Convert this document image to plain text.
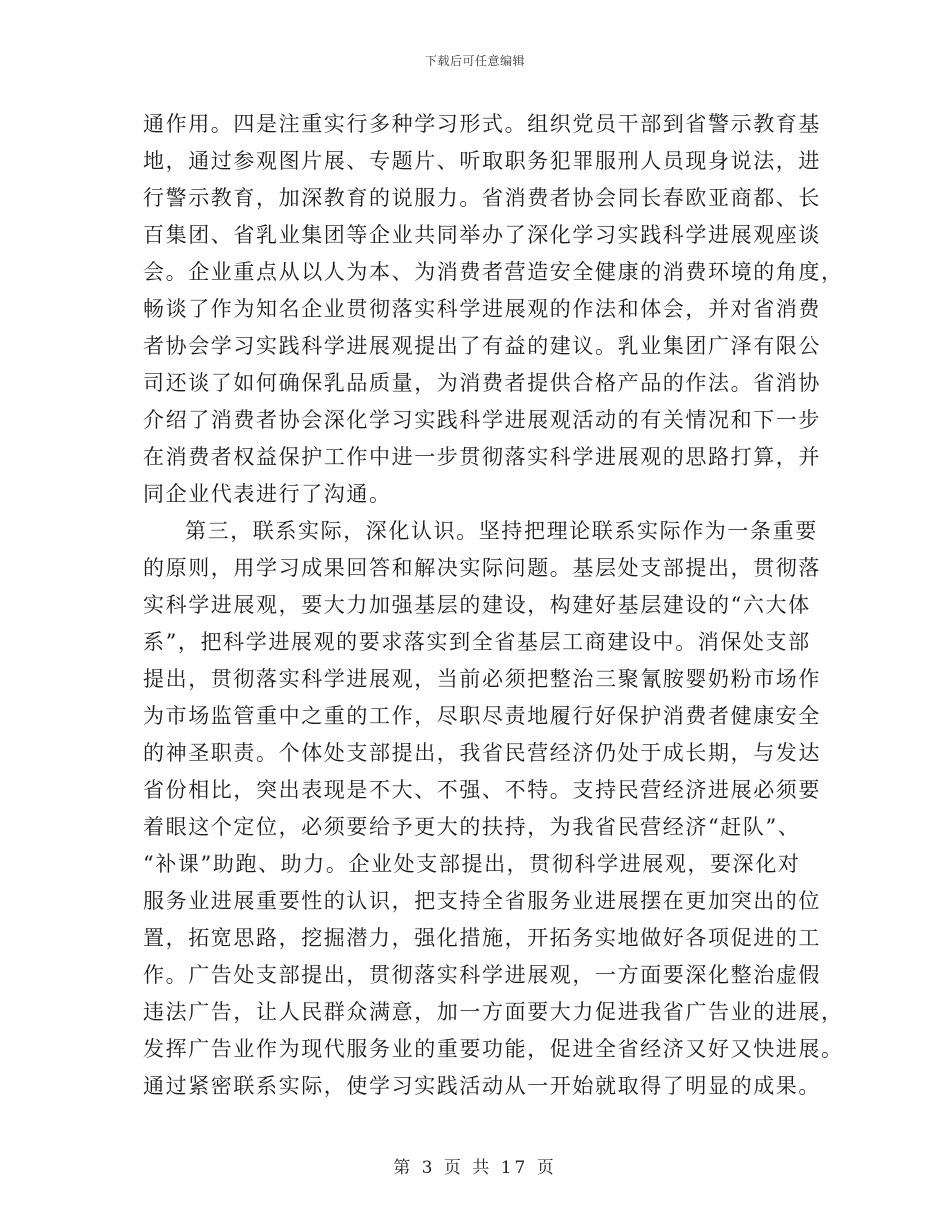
下载后可任意编辑
通作用。四是注重实行多种学习形式。组织党员干部到省警示教育基
地，通过参观图片展、专题片、听取职务犯罪服刑人员现身说法，进
行警示教育，加深教育的说服力。省消费者协会同长春欧亚商都、长
百集团、省乳业集团等企业共同举办了深化学习实践科学进展观座谈
会。企业重点从以人为本、为消费者营造安全健康的消费环境的角度，
畅谈了作为知名企业贯彻落实科学进展观的作法和体会，并对省消费
者协会学习实践科学进展观提出了有益的建议。乳业集团广泽有限公
司还谈了如何确保乳品质量，为消费者提供合格产品的作法。省消协
介绍了消费者协会深化学习实践科学进展观活动的有关情况和下一步
在消费者权益保护工作中进一步贯彻落实科学进展观的思路打算，并
同企业代表进行了沟通。
第三，联系实际，深化认识。坚持把理论联系实际作为一条重要
的原则，用学习成果回答和解决实际问题。基层处支部提出，贯彻落
实科学进展观，要大力加强基层的建设，构建好基层建设的“六大体
系”，把科学进展观的要求落实到全省基层工商建设中。消保处支部
提出，贯彻落实科学进展观，当前必须把整治三聚氰胺婴奶粉市场作
为市场监管重中之重的工作，尽职尽责地履行好保护消费者健康安全
的神圣职责。个体处支部提出，我省民营经济仍处于成长期，与发达
省份相比，突出表现是不大、不强、不特。支持民营经济进展必须要
着眼这个定位，必须要给予更大的扶持，为我省民营经济“赶队”、
“补课”助跑、助力。企业处支部提出，贯彻科学进展观，要深化对
服务业进展重要性的认识，把支持全省服务业进展摆在更加突出的位
置，拓宽思路，挖掘潜力，强化措施，开拓务实地做好各项促进的工
作。广告处支部提出，贯彻落实科学进展观，一方面要深化整治虚假
违法广告，让人民群众满意，加一方面要大力促进我省广告业的进展，
发挥广告业作为现代服务业的重要功能，促进全省经济又好又快进展。
通过紧密联系实际，使学习实践活动从一开始就取得了明显的成果。
第 3 页 共 17 页
